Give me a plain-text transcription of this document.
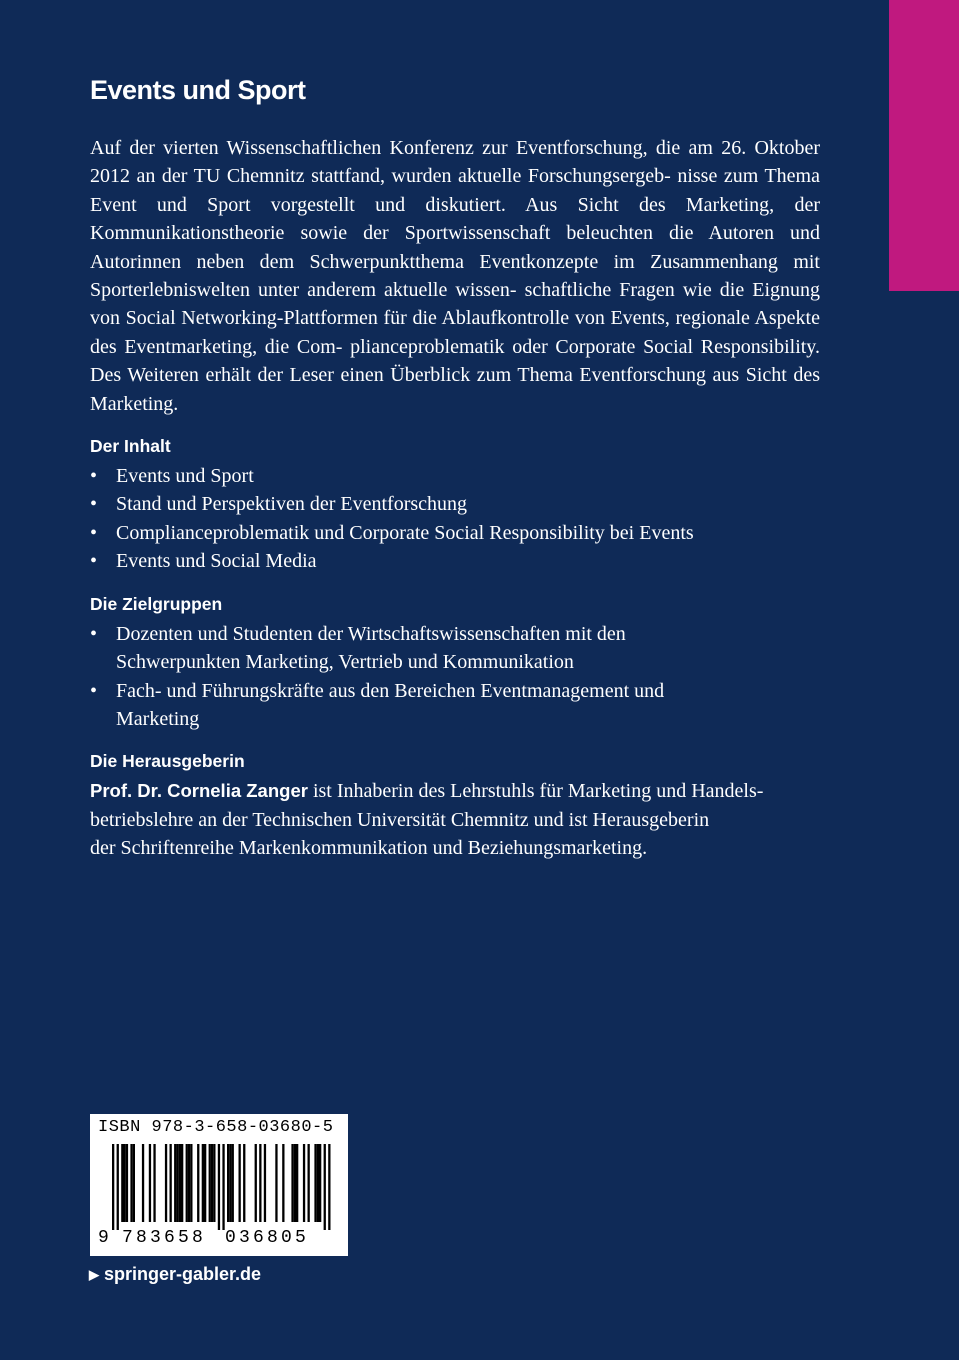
Events und Sport

Auf der vierten Wissenschaftlichen Konferenz zur Eventforschung, die am 26. Oktober 2012 an der TU Chemnitz stattfand, wurden aktuelle Forschungsergeb- nisse zum Thema Event und Sport vorgestellt und diskutiert. Aus Sicht des Marketing, der Kommunikationstheorie sowie der Sportwissenschaft beleuchten die Autoren und Autorinnen neben dem Schwerpunktthema Eventkonzepte im Zusammenhang mit Sporterlebniswelten unter anderem aktuelle wissen- schaftliche Fragen wie die Eignung von Social Networking-Plattformen für die Ablaufkontrolle von Events, regionale Aspekte des Eventmarketing, die Com- plianceproblematik oder Corporate Social Responsibility. Des Weiteren erhält der Leser einen Überblick zum Thema Eventforschung aus Sicht des Marketing.

Der Inhalt
• Events und Sport
• Stand und Perspektiven der Eventforschung
• Complianceproblematik und Corporate Social Responsibility bei Events
• Events und Social Media
Die Zielgruppen
• Dozenten und Studenten der Wirtschaftswissenschaften mit den
Schwerpunkten Marketing, Vertrieb und Kommunikation
• Fach- und Führungskräfte aus den Bereichen Eventmanagement und
Marketing
Die Herausgeberin

Prof. Dr. Cornelia Zanger ist Inhaberin des Lehrstuhls für Marketing und Handels-
betriebslehre an der Technischen Universität Chemnitz und ist Herausgeberin
der Schriftenreihe Markenkommunikation und Beziehungsmarketing.

ISBN 978-3-658-03680-5
9 783658 036805
▶ springer-gabler.de
